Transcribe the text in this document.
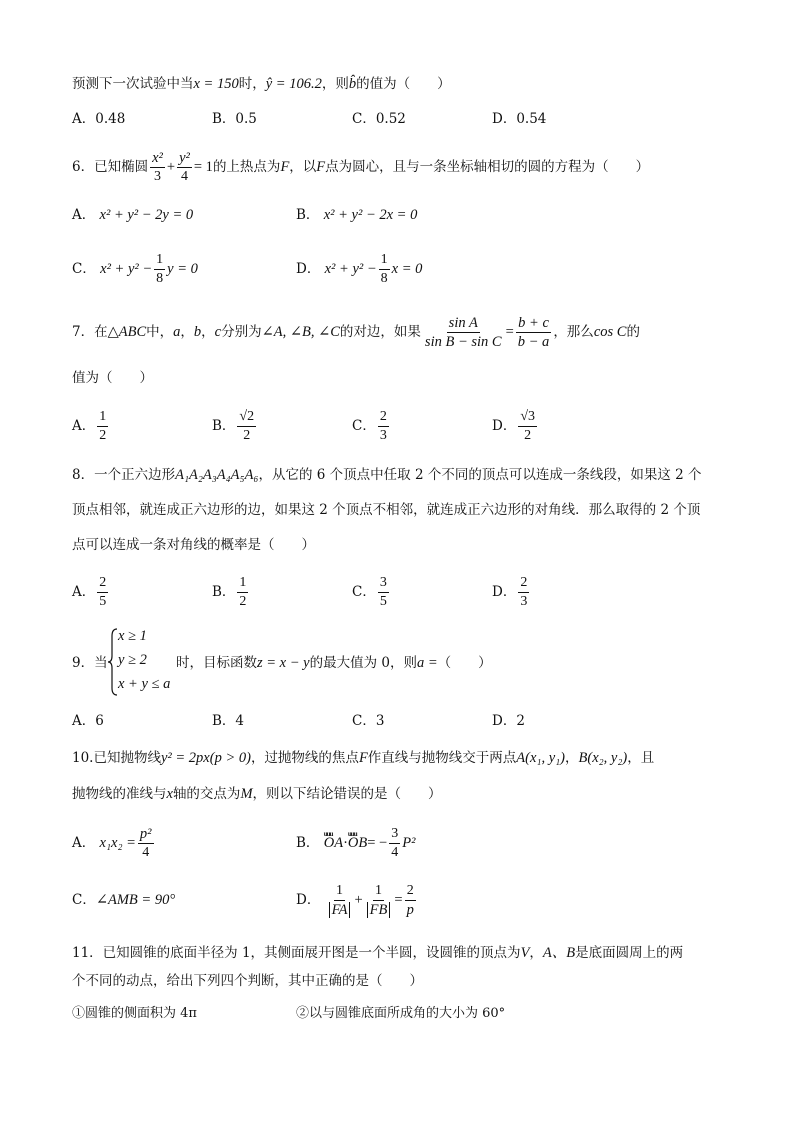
预测下一次试验中当x = 150时，ŷ = 106.2，则b̂的值为（　　）
A．0.48	B．0.5	C．0.52	D．0.54
6．已知椭圆 $\frac{\text{x²}}{3} + \frac{\text{y²}}{4} = 1$的上热点为F，以F点为圆心，且与一条坐标轴相切的圆的方程为（　　）
A． x² + y² − 2y = 0	B． x² + y² − 2x = 0
C． $x^2 + y^2 - \frac{1}{8}$ y = 0	D． $x^2 + y^2 - \frac{1}{8}$ x = 0
7．在△ABC中，a，b，c分别为∠A, ∠B, ∠C的对边，如果 $\frac{\text{sin A}}{\text{sin B − sin C}} = \frac{b + c}{b - a}$ ，那么cos C的
值为（　　）
A． $\frac{1}{2}$	B． $\frac{√2}{2}$	C． $\frac{2}{3}$	D． $\frac{√3}{2}$
8．一个正六边形A₁A₂A₃A₄A₅A₆，从它的 6 个顶点中任取 2 个不同的顶点可以连成一条线段，如果这 2 个
顶点相邻，就连成正六边形的边，如果这 2 个顶点不相邻，就连成正六边形的对角线．那么取得的 2 个顶
点可以连成一条对角线的概率是（　　）
A． $\frac{2}{5}$	B． $\frac{1}{2}$	C． $\frac{3}{5}$	D． $\frac{2}{3}$
9．当
x ≥ 1
y ≥ 2
x + y ≤ a
时，目标函数z = x − y的最大值为 0，则a =（　　）
A．6	B．4	C．3	D．2
10.已知抛物线y² = 2px(p > 0)，过抛物线的焦点F作直线与抛物线交于两点A(x₁, y₁)，B(x₂, y₂)，且
抛物线的准线与x轴的交点为M，则以下结论错误的是（　　）
A． $x_1x_2 = \frac{\text{p²}}{4}$	B． uuu OA·uuu $OB= - \frac{3}{4} P^2$
C．∠AMB = 90°	D． $\frac{1}{FA} + \frac{1}{FB} = \frac{2}{p}$
11．已知圆锥的底面半径为 1，其侧面展开图是一个半圆，设圆锥的顶点为V，A、B是底面圆周上的两
个不同的动点，给出下列四个判断，其中正确的是（　　）
①圆锥的侧面积为 4π	②以与圆锥底面所成角的大小为 60°
